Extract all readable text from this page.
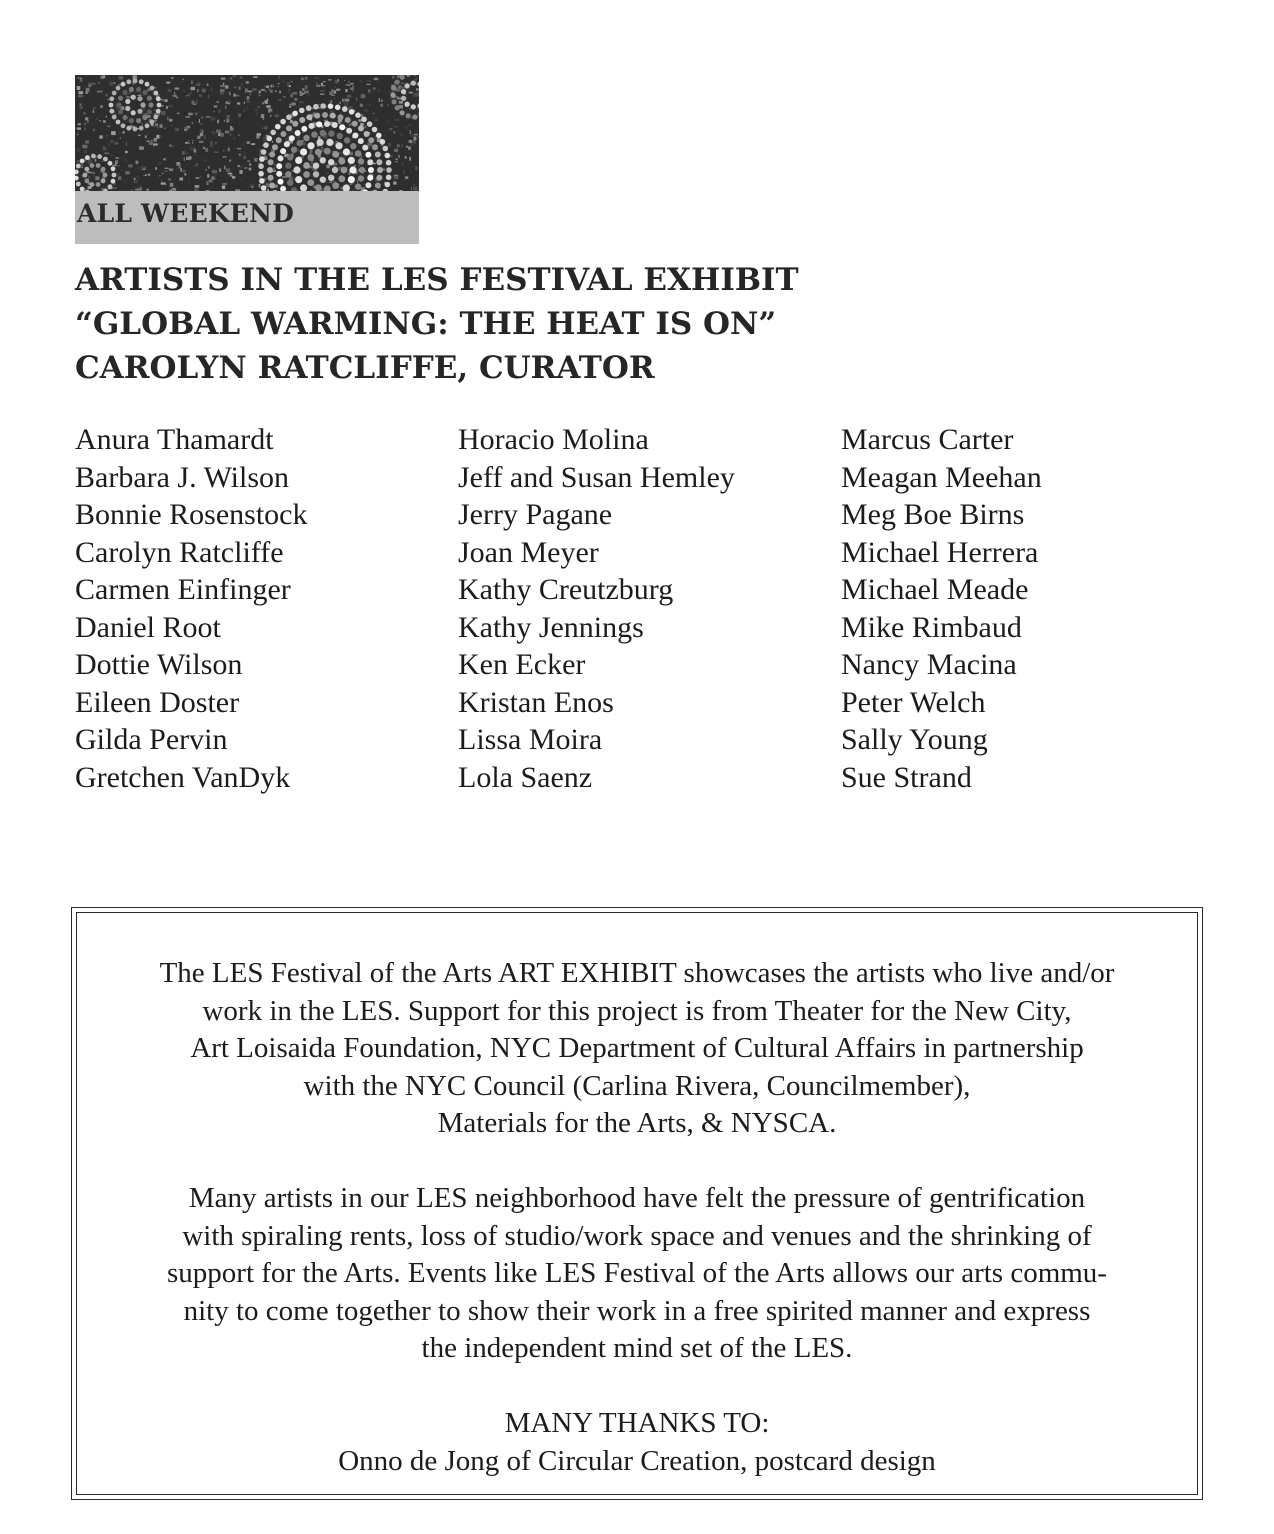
ALL WEEKEND
ARTISTS IN THE LES FESTIVAL EXHIBIT
“GLOBAL WARMING: THE HEAT IS ON”
CAROLYN RATCLIFFE, CURATOR
Anura Thamardt
Barbara J. Wilson
Bonnie Rosenstock
Carolyn Ratcliffe
Carmen Einfinger
Daniel Root
Dottie Wilson
Eileen Doster
Gilda Pervin
Gretchen VanDyk
Horacio Molina
Jeff and Susan Hemley
Jerry Pagane
Joan Meyer
Kathy Creutzburg
Kathy Jennings
Ken Ecker
Kristan Enos
Lissa Moira
Lola Saenz
Marcus Carter
Meagan Meehan
Meg Boe Birns
Michael Herrera
Michael Meade
Mike Rimbaud
Nancy Macina
Peter Welch
Sally Young
Sue Strand
The LES Festival of the Arts ART EXHIBIT showcases the artists who live and/or
work in the LES. Support for this project is from Theater for the New City,
Art Loisaida Foundation, NYC Department of Cultural Affairs in partnership
with the NYC Council (Carlina Rivera, Councilmember),
Materials for the Arts, & NYSCA.
Many artists in our LES neighborhood have felt the pressure of gentrification
with spiraling rents, loss of studio/work space and venues and the shrinking of
support for the Arts. Events like LES Festival of the Arts allows our arts commu-
nity to come together to show their work in a free spirited manner and express
the independent mind set of the LES.
MANY THANKS TO:
Onno de Jong of Circular Creation, postcard design
